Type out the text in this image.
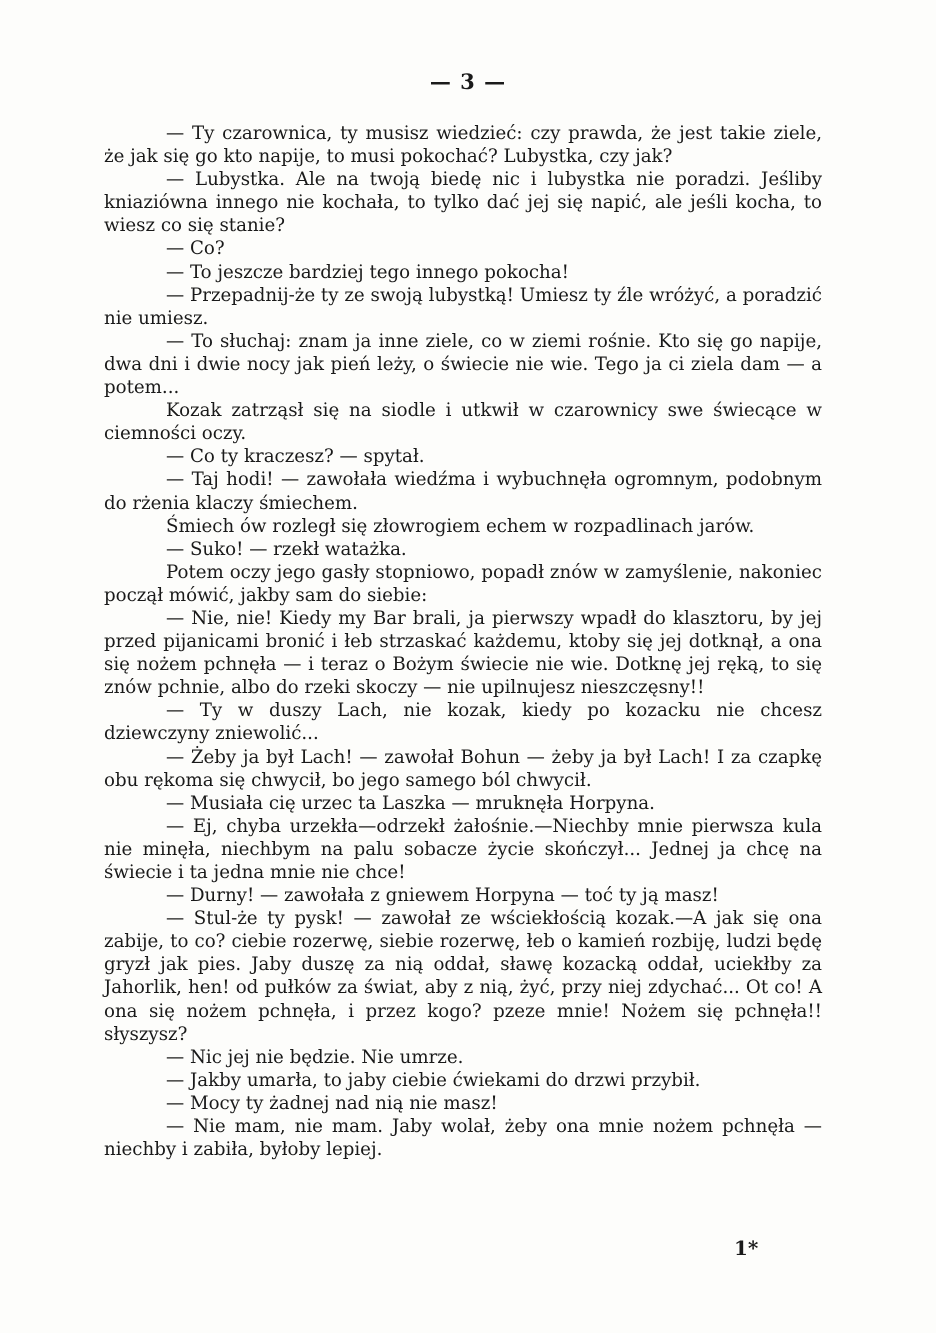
— 3 —

— Ty czarownica, ty musisz wiedzieć: czy prawda, że jest takie ziele, że jak się go kto napije, to musi pokochać? Lubystka, czy jak?

— Lubystka. Ale na twoją biedę nic i lubystka nie poradzi. Jeśliby kniaziówna innego nie kochała, to tylko dać jej się napić, ale jeśli kocha, to wiesz co się stanie?

— Co?

— To jeszcze bardziej tego innego pokocha!

— Przepadnij-że ty ze swoją lubystką! Umiesz ty źle wróżyć, a poradzić nie umiesz.

— To słuchaj: znam ja inne ziele, co w ziemi rośnie. Kto się go napije, dwa dni i dwie nocy jak pień leży, o świecie nie wie. Tego ja ci ziela dam — a potem...

Kozak zatrząsł się na siodle i utkwił w czarownicy swe świecące w ciemności oczy.

— Co ty kraczesz? — spytał.

— Taj hodi! — zawołała wiedźma i wybuchnęła ogromnym, podobnym do rżenia klaczy śmiechem.

Śmiech ów rozległ się złowrogiem echem w rozpadlinach jarów.

— Suko! — rzekł watażka.

Potem oczy jego gasły stopniowo, popadł znów w zamyślenie, nakoniec począł mówić, jakby sam do siebie:

— Nie, nie! Kiedy my Bar brali, ja pierwszy wpadł do klasztoru, by jej przed pijanicami bronić i łeb strzaskać każdemu, ktoby się jej dotknął, a ona się nożem pchnęła — i teraz o Bożym świecie nie wie. Dotknę jej ręką, to się znów pchnie, albo do rzeki skoczy — nie upilnujesz nieszczęsny!!

— Ty w duszy Lach, nie kozak, kiedy po kozacku nie chcesz dziewczyny zniewolić...

— Żeby ja był Lach! — zawołał Bohun — żeby ja był Lach! I za czapkę obu rękoma się chwycił, bo jego samego ból chwycił.

— Musiała cię urzec ta Laszka — mruknęła Horpyna.

— Ej, chyba urzekła—odrzekł żałośnie.—Niechby mnie pierwsza kula nie minęła, niechbym na palu sobacze życie skończył... Jednej ja chcę na świecie i ta jedna mnie nie chce!

— Durny! — zawołała z gniewem Horpyna — toć ty ją masz!

— Stul-że ty pysk! — zawołał ze wściekłością kozak.—A jak się ona zabije, to co? ciebie rozerwę, siebie rozerwę, łeb o kamień rozbiję, ludzi będę gryzł jak pies. Jaby duszę za nią oddał, sławę kozacką oddał, uciekłby za Jahorlik, hen! od pułków za świat, aby z nią, żyć, przy niej zdychać... Ot co! A ona się nożem pchnęła, i przez kogo? pzeze mnie! Nożem się pchnęła!! słyszysz?

— Nic jej nie będzie. Nie umrze.

— Jakby umarła, to jaby ciebie ćwiekami do drzwi przybił.

— Mocy ty żadnej nad nią nie masz!

— Nie mam, nie mam. Jaby wolał, żeby ona mnie nożem pchnęła — niechby i zabiła, byłoby lepiej.

1*
